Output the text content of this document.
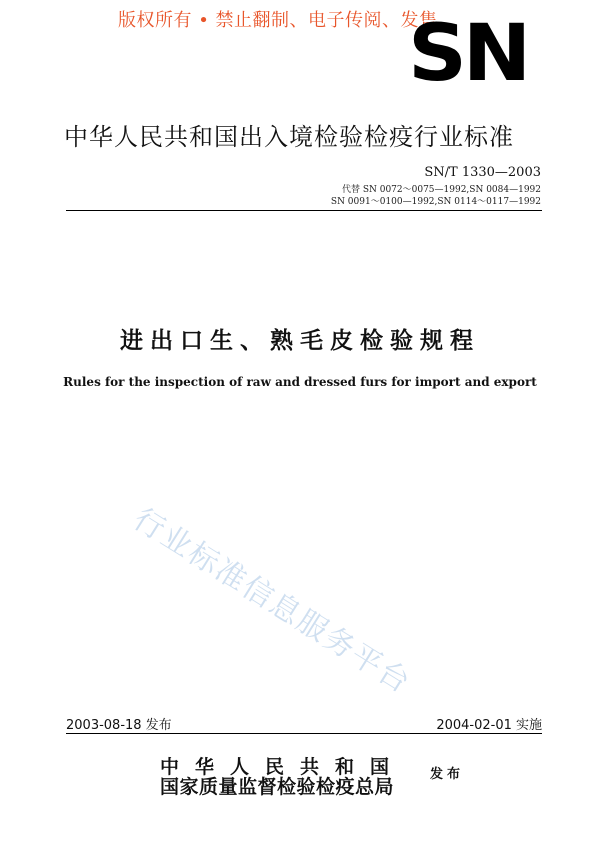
版权所有 • 禁止翻制、电子传阅、发售
SN
中华人民共和国出入境检验检疫行业标准
SN/T 1330—2003
代替 SN 0072～0075—1992,SN 0084—1992
SN 0091～0100—1992,SN 0114～0117—1992
进出口生、熟毛皮检验规程
Rules for the inspection of raw and dressed furs for import and export
行业标准信息服务平台
2003-08-18 发布	2004-02-01 实施
中华人民共和国
国家质量监督检验检疫总局
发布
